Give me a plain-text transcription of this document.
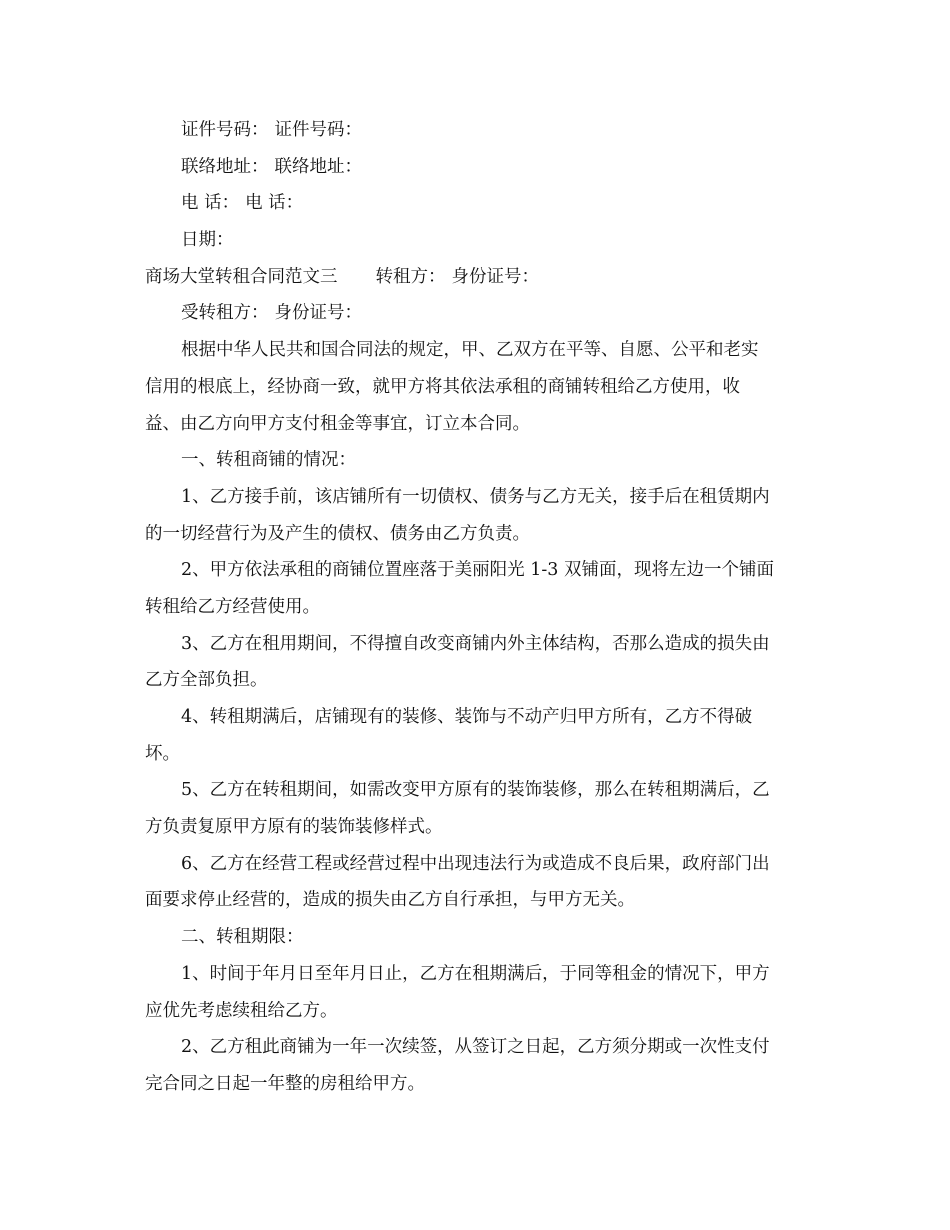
证件号码： 证件号码：
联络地址： 联络地址：
电 话： 电 话：
日期：
商场大堂转租合同范文三 转租方： 身份证号：
受转租方： 身份证号：
根据中华人民共和国合同法的规定，甲、乙双方在平等、自愿、公平和老实
信用的根底上，经协商一致，就甲方将其依法承租的商铺转租给乙方使用，收
益、由乙方向甲方支付租金等事宜，订立本合同。
一、转租商铺的情况：
1、乙方接手前，该店铺所有一切债权、债务与乙方无关，接手后在租赁期内
的一切经营行为及产生的债权、债务由乙方负责。
2、甲方依法承租的商铺位置座落于美丽阳光 1-3 双铺面，现将左边一个铺面
转租给乙方经营使用。
3、乙方在租用期间，不得擅自改变商铺内外主体结构，否那么造成的损失由
乙方全部负担。
4、转租期满后，店铺现有的装修、装饰与不动产归甲方所有，乙方不得破
坏。
5、乙方在转租期间，如需改变甲方原有的装饰装修，那么在转租期满后，乙
方负责复原甲方原有的装饰装修样式。
6、乙方在经营工程或经营过程中出现违法行为或造成不良后果，政府部门出
面要求停止经营的，造成的损失由乙方自行承担，与甲方无关。
二、转租期限：
1、时间于年月日至年月日止，乙方在租期满后，于同等租金的情况下，甲方
应优先考虑续租给乙方。
2、乙方租此商铺为一年一次续签，从签订之日起，乙方须分期或一次性支付
完合同之日起一年整的房租给甲方。
